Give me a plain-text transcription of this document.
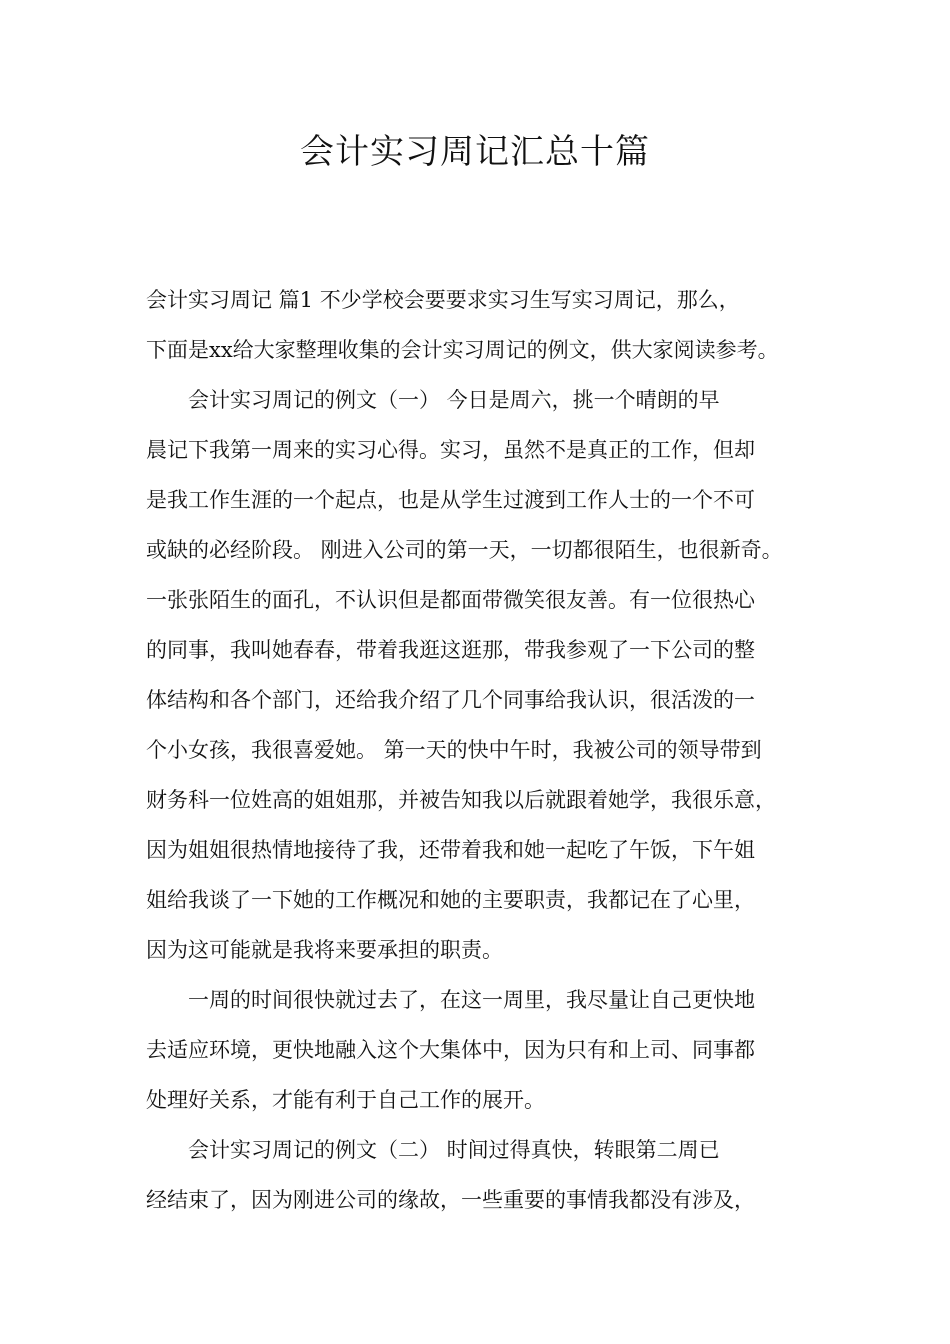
会计实习周记汇总十篇
会计实习周记 篇1 不少学校会要要求实习生写实习周记，那么，
下面是xx给大家整理收集的会计实习周记的例文，供大家阅读参考。
会计实习周记的例文（一） 今日是周六，挑一个晴朗的早
晨记下我第一周来的实习心得。实习，虽然不是真正的工作，但却
是我工作生涯的一个起点，也是从学生过渡到工作人士的一个不可
或缺的必经阶段。 刚进入公司的第一天，一切都很陌生，也很新奇。
一张张陌生的面孔，不认识但是都面带微笑很友善。有一位很热心
的同事，我叫她春春，带着我逛这逛那，带我参观了一下公司的整
体结构和各个部门，还给我介绍了几个同事给我认识，很活泼的一
个小女孩，我很喜爱她。 第一天的快中午时，我被公司的领导带到
财务科一位姓高的姐姐那，并被告知我以后就跟着她学，我很乐意，
因为姐姐很热情地接待了我，还带着我和她一起吃了午饭，下午姐
姐给我谈了一下她的工作概况和她的主要职责，我都记在了心里，
因为这可能就是我将来要承担的职责。
一周的时间很快就过去了，在这一周里，我尽量让自己更快地
去适应环境，更快地融入这个大集体中，因为只有和上司、同事都
处理好关系，才能有利于自己工作的展开。
会计实习周记的例文（二） 时间过得真快，转眼第二周已
经结束了，因为刚进公司的缘故，一些重要的事情我都没有涉及，
